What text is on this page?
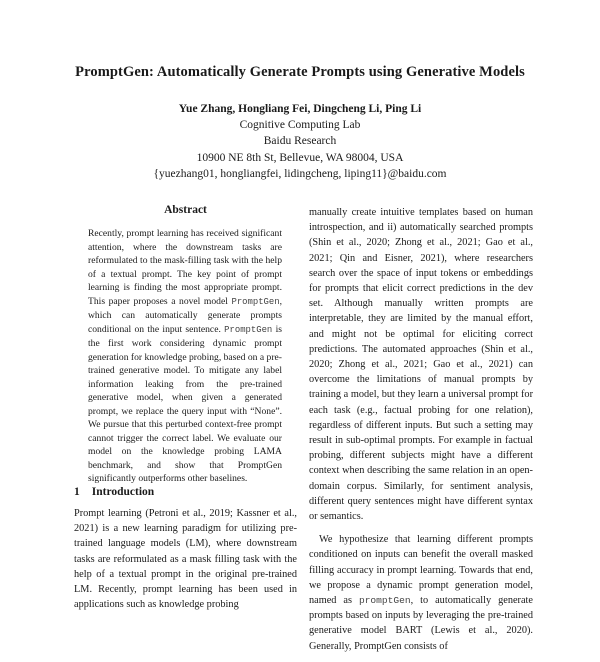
PromptGen: Automatically Generate Prompts using Generative Models
Yue Zhang, Hongliang Fei, Dingcheng Li, Ping Li
Cognitive Computing Lab
Baidu Research
10900 NE 8th St, Bellevue, WA 98004, USA
{yuezhang01, hongliangfei, lidingcheng, liping11}@baidu.com
Abstract
Recently, prompt learning has received significant attention, where the downstream tasks are reformulated to the mask-filling task with the help of a textual prompt. The key point of prompt learning is finding the most appropriate prompt. This paper proposes a novel model PromptGen, which can automatically generate prompts conditional on the input sentence. PromptGen is the first work considering dynamic prompt generation for knowledge probing, based on a pre-trained generative model. To mitigate any label information leaking from the pre-trained generative model, when given a generated prompt, we replace the query input with “None”. We pursue that this perturbed context-free prompt cannot trigger the correct label. We evaluate our model on the knowledge probing LAMA benchmark, and show that PromptGen significantly outperforms other baselines.
1 Introduction
Prompt learning (Petroni et al., 2019; Kassner et al., 2021) is a new learning paradigm for utilizing pre-trained language models (LM), where downstream tasks are reformulated as a mask filling task with the help of a textual prompt in the original pre-trained LM. Recently, prompt learning has been used in applications such as knowledge probing

manually create intuitive templates based on human introspection, and ii) automatically searched prompts (Shin et al., 2020; Zhong et al., 2021; Gao et al., 2021; Qin and Eisner, 2021), where researchers search over the space of input tokens or embeddings for prompts that elicit correct predictions in the dev set. Although manually written prompts are interpretable, they are limited by the manual effort, and might not be optimal for eliciting correct predictions. The automated approaches (Shin et al., 2020; Zhong et al., 2021; Gao et al., 2021) can overcome the limitations of manual prompts by training a model, but they learn a universal prompt for each task (e.g., factual probing for one relation), regardless of different inputs. But such a setting may result in sub-optimal prompts. For example in factual probing, different subjects might have a different context when describing the same relation in an open-domain corpus. Similarly, for sentiment analysis, different query sentences might have different syntax or semantics.

We hypothesize that learning different prompts conditioned on inputs can benefit the overall masked filling accuracy in prompt learning. Towards that end, we propose a dynamic prompt generation model, named as promptGen, to automatically generate prompts based on inputs by leveraging the pre-trained generative model BART (Lewis et al., 2020). Generally, PromptGen consists of
